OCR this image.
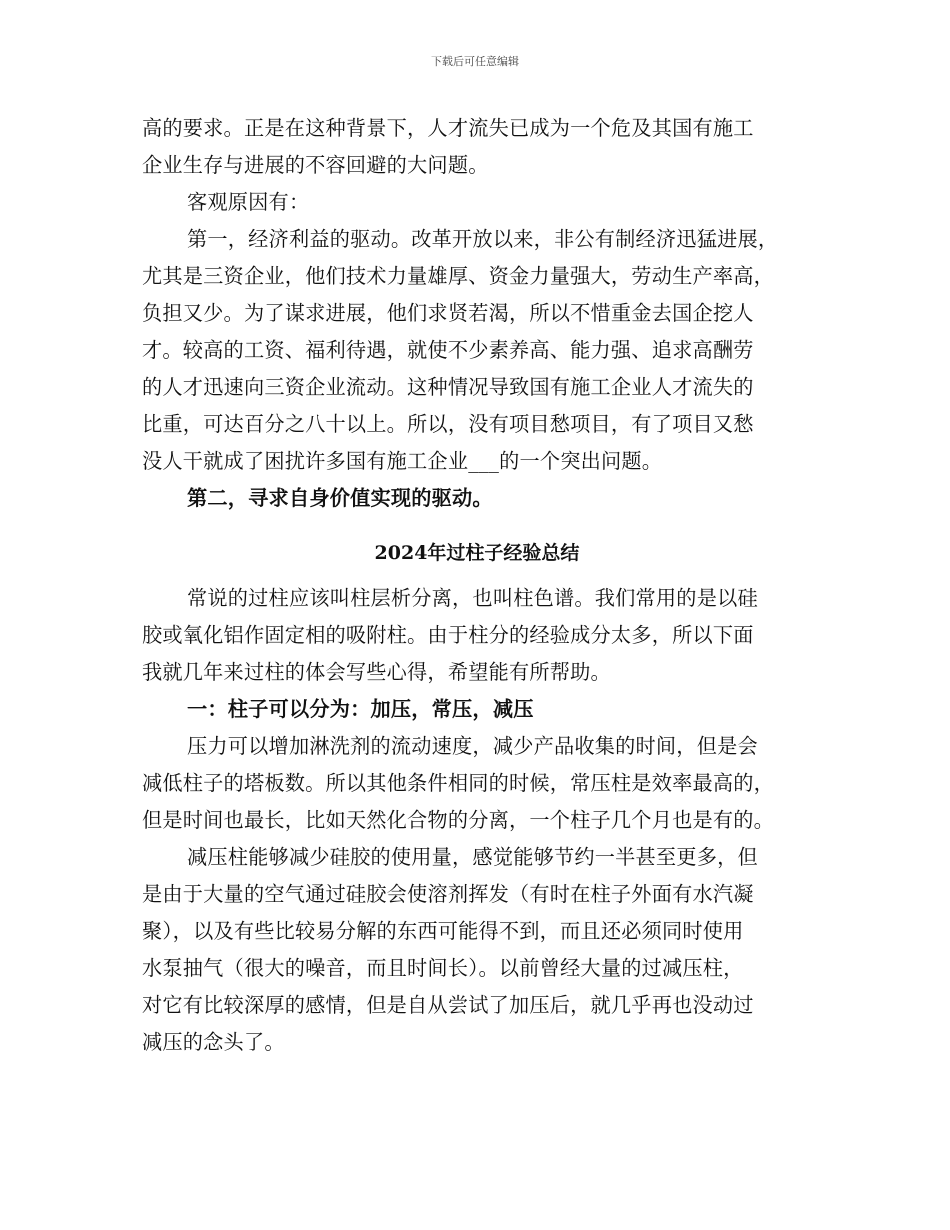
下载后可任意编辑
高的要求。正是在这种背景下，人才流失已成为一个危及其国有施工
企业生存与进展的不容回避的大问题。
客观原因有：
第一，经济利益的驱动。改革开放以来，非公有制经济迅猛进展，
尤其是三资企业，他们技术力量雄厚、资金力量强大，劳动生产率高，
负担又少。为了谋求进展，他们求贤若渴，所以不惜重金去国企挖人
才。较高的工资、福利待遇，就使不少素养高、能力强、追求高酬劳
的人才迅速向三资企业流动。这种情况导致国有施工企业人才流失的
比重，可达百分之八十以上。所以，没有项目愁项目，有了项目又愁
没人干就成了困扰许多国有施工企业___的一个突出问题。
第二，寻求自身价值实现的驱动。
2024年过柱子经验总结
常说的过柱应该叫柱层析分离，也叫柱色谱。我们常用的是以硅
胶或氧化铝作固定相的吸附柱。由于柱分的经验成分太多，所以下面
我就几年来过柱的体会写些心得，希望能有所帮助。
一：柱子可以分为：加压，常压，减压
压力可以增加淋洗剂的流动速度，减少产品收集的时间，但是会
减低柱子的塔板数。所以其他条件相同的时候，常压柱是效率最高的，
但是时间也最长，比如天然化合物的分离，一个柱子几个月也是有的。
减压柱能够减少硅胶的使用量，感觉能够节约一半甚至更多，但
是由于大量的空气通过硅胶会使溶剂挥发（有时在柱子外面有水汽凝
聚），以及有些比较易分解的东西可能得不到，而且还必须同时使用
水泵抽气（很大的噪音，而且时间长）。以前曾经大量的过减压柱，
对它有比较深厚的感情，但是自从尝试了加压后，就几乎再也没动过
减压的念头了。
